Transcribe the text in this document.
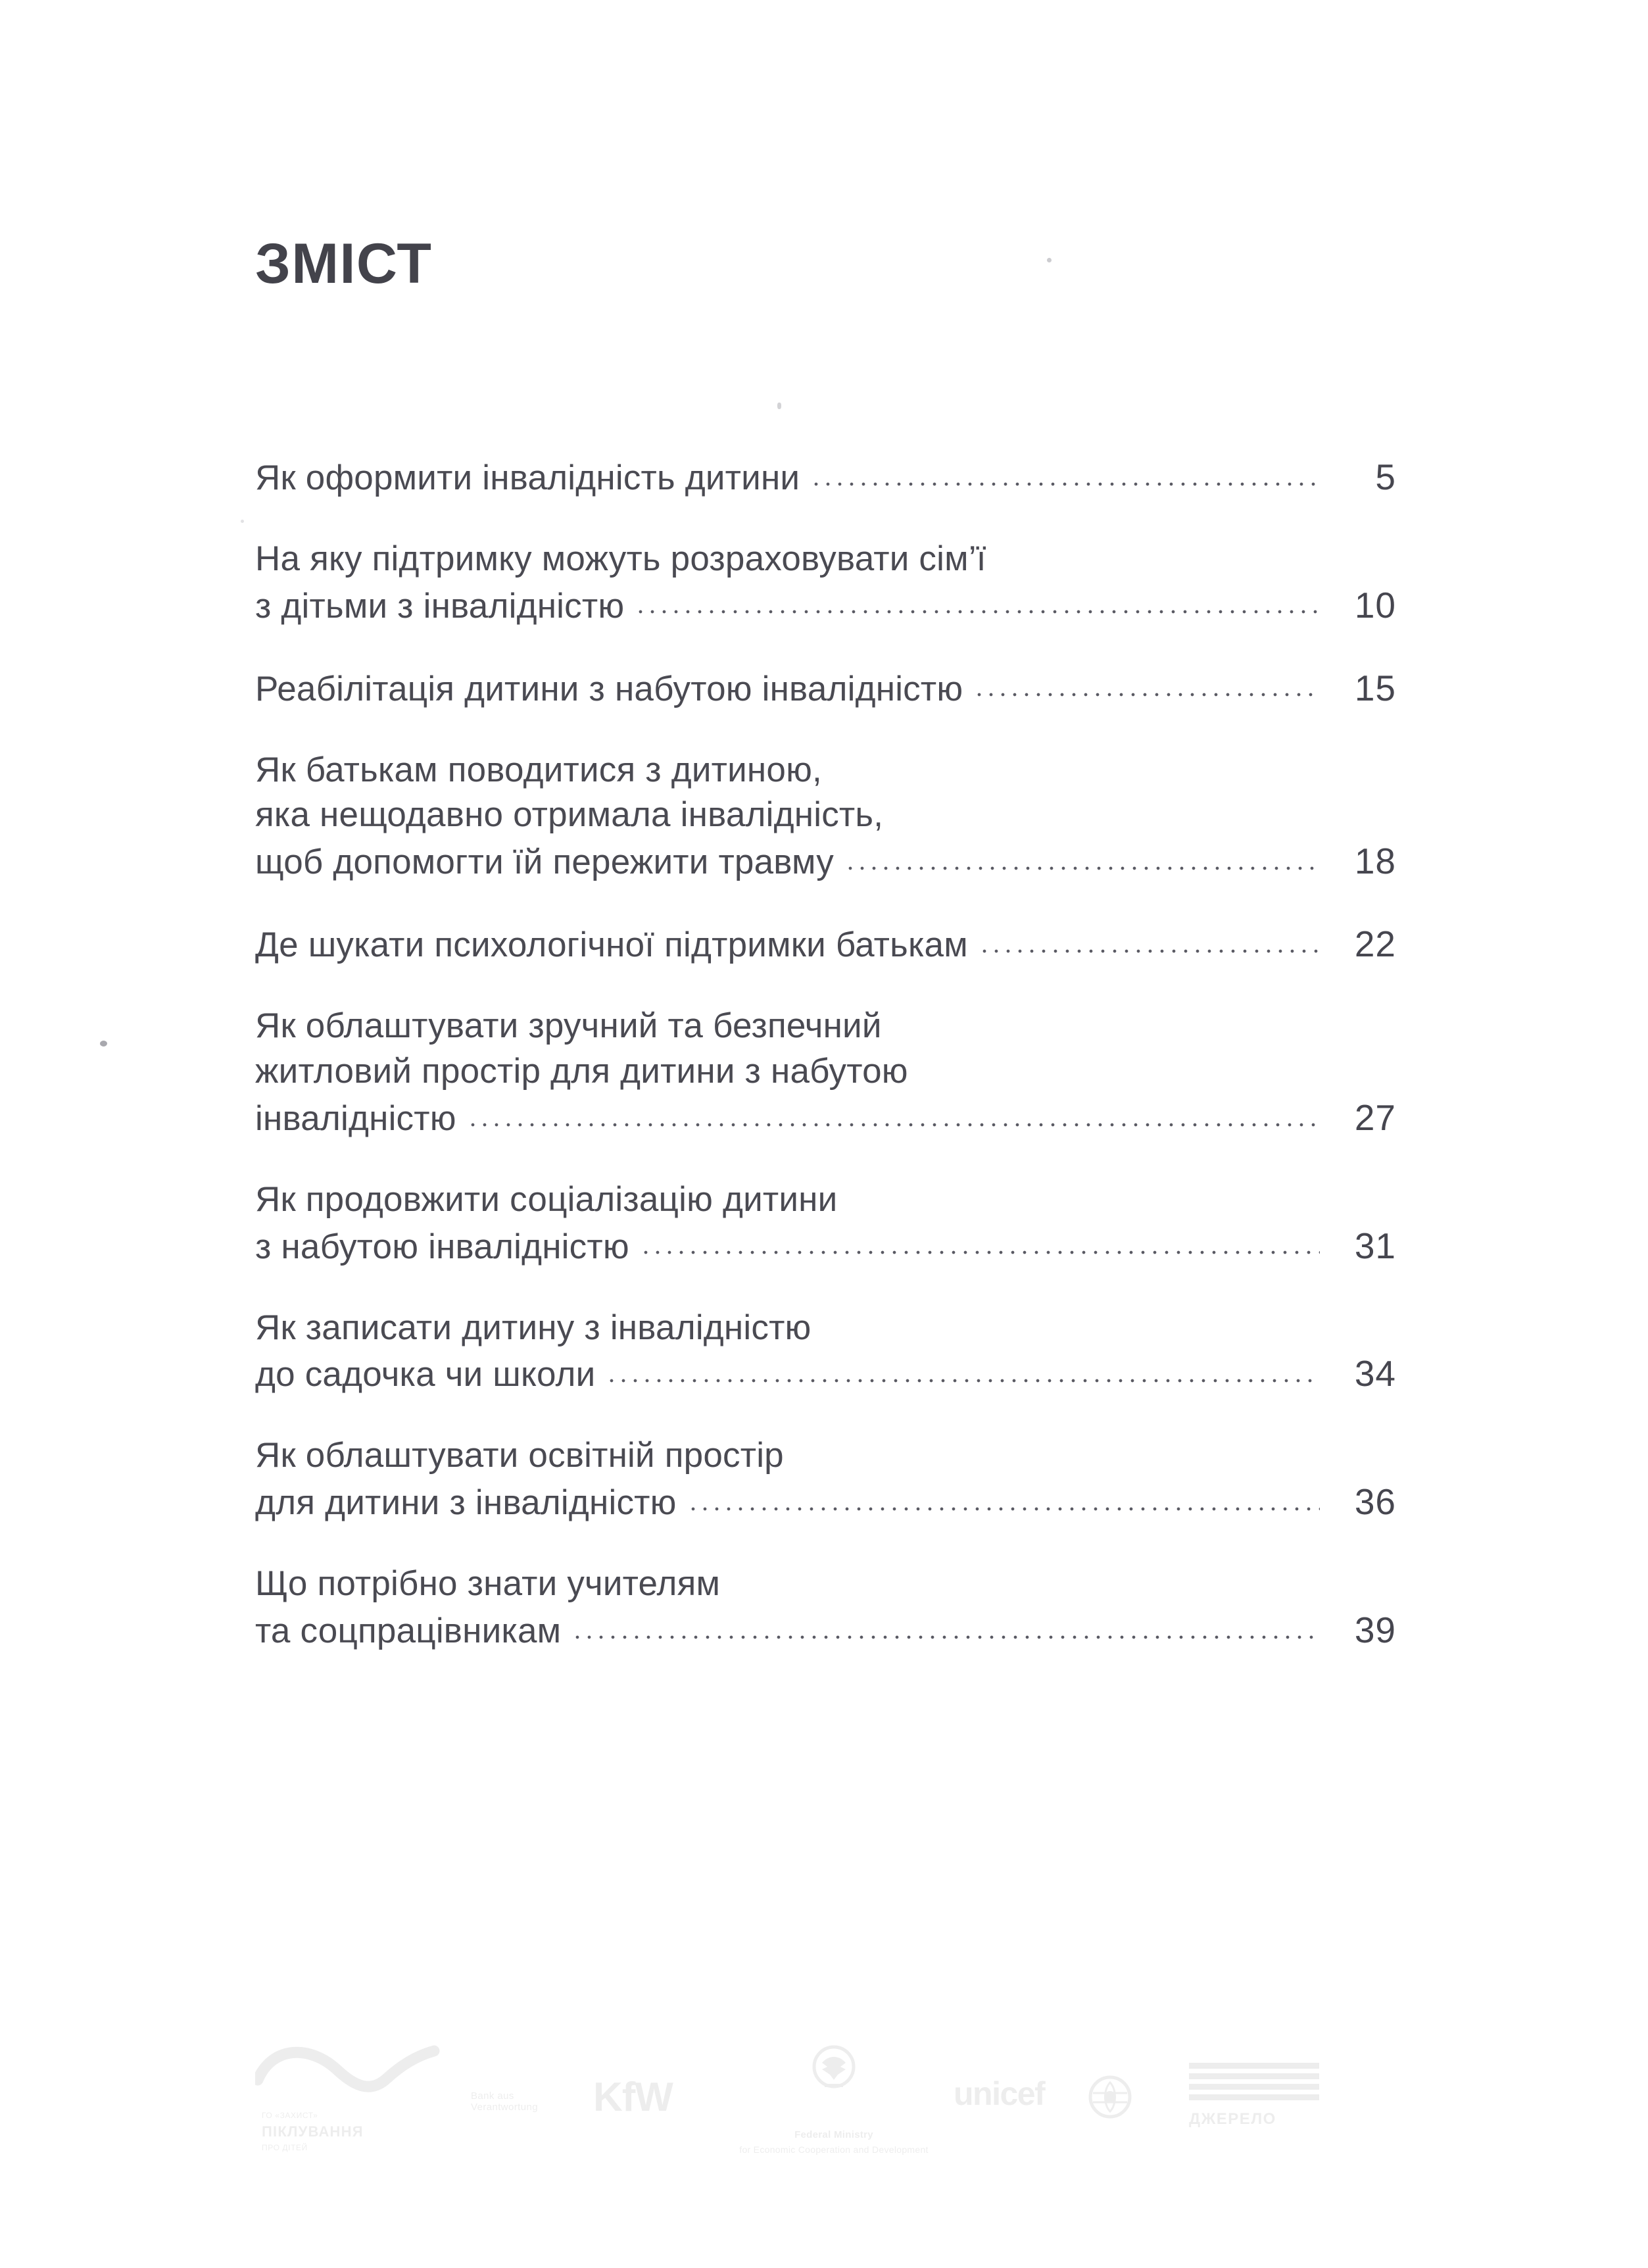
ЗМІСТ
Як оформити інвалідність дитини	5
На яку підтримку можуть розраховувати сім’ї
з дітьми з інвалідністю	10
Реабілітація дитини з набутою інвалідністю	15
Як батькам поводитися з дитиною,
яка нещодавно отримала інвалідність,
щоб допомогти їй пережити травму	18
Де шукати психологічної підтримки батькам	22
Як облаштувати зручний та безпечний
житловий простір для дитини з набутою
інвалідністю	27
Як продовжити соціалізацію дитини
з набутою інвалідністю	31
Як записати дитину з інвалідністю
до садочка чи школи	34
Як облаштувати освітній простір
для дитини з інвалідністю	36
Що потрібно знати учителям
та соцпрацівникам	39
ГО «ЗАХИСТ»
ПІКЛУВАННЯ
ПРО ДІТЕЙ
Bank aus Verantwortung	KfW
Federal Ministry
for Economic Cooperation and Development
unicef
ДЖЕРЕЛО
